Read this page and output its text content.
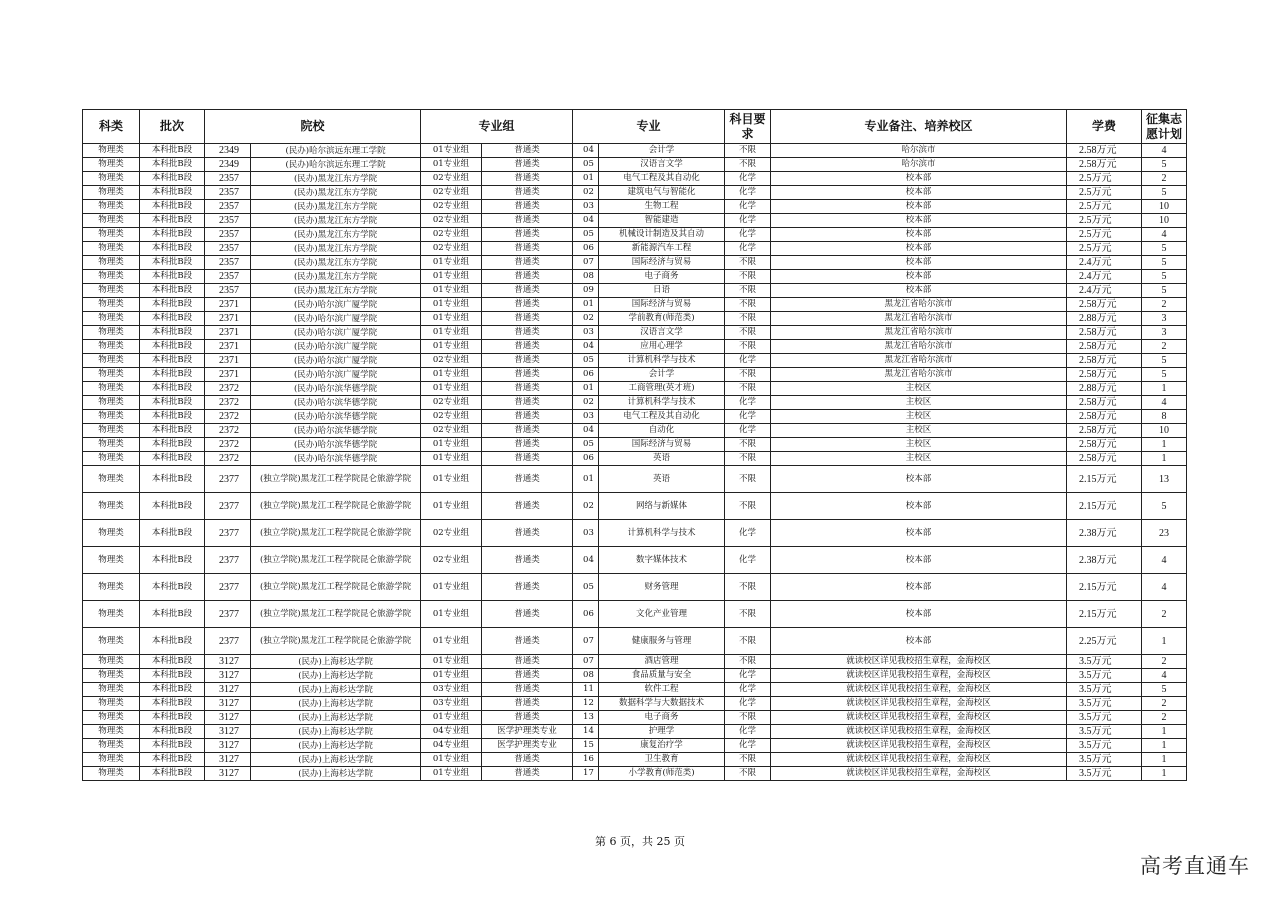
科类	批次	院校		专业组		专业		科目要求	专业备注、培养校区	学费	征集志愿计划
物理类	本科批B段	2349	(民办)哈尔滨远东理工学院	01专业组	普通类	04	会计学	不限	哈尔滨市	2.58万元	4
物理类	本科批B段	2349	(民办)哈尔滨远东理工学院	01专业组	普通类	05	汉语言文学	不限	哈尔滨市	2.58万元	5
物理类	本科批B段	2357	(民办)黑龙江东方学院	02专业组	普通类	01	电气工程及其自动化	化学	校本部	2.5万元	2
物理类	本科批B段	2357	(民办)黑龙江东方学院	02专业组	普通类	02	建筑电气与智能化	化学	校本部	2.5万元	5
物理类	本科批B段	2357	(民办)黑龙江东方学院	02专业组	普通类	03	生物工程	化学	校本部	2.5万元	10
物理类	本科批B段	2357	(民办)黑龙江东方学院	02专业组	普通类	04	智能建造	化学	校本部	2.5万元	10
物理类	本科批B段	2357	(民办)黑龙江东方学院	02专业组	普通类	05	机械设计制造及其自动	化学	校本部	2.5万元	4
物理类	本科批B段	2357	(民办)黑龙江东方学院	02专业组	普通类	06	新能源汽车工程	化学	校本部	2.5万元	5
物理类	本科批B段	2357	(民办)黑龙江东方学院	01专业组	普通类	07	国际经济与贸易	不限	校本部	2.4万元	5
物理类	本科批B段	2357	(民办)黑龙江东方学院	01专业组	普通类	08	电子商务	不限	校本部	2.4万元	5
物理类	本科批B段	2357	(民办)黑龙江东方学院	01专业组	普通类	09	日语	不限	校本部	2.4万元	5
物理类	本科批B段	2371	(民办)哈尔滨广厦学院	01专业组	普通类	01	国际经济与贸易	不限	黑龙江省哈尔滨市	2.58万元	2
物理类	本科批B段	2371	(民办)哈尔滨广厦学院	01专业组	普通类	02	学前教育(师范类)	不限	黑龙江省哈尔滨市	2.88万元	3
物理类	本科批B段	2371	(民办)哈尔滨广厦学院	01专业组	普通类	03	汉语言文学	不限	黑龙江省哈尔滨市	2.58万元	3
物理类	本科批B段	2371	(民办)哈尔滨广厦学院	01专业组	普通类	04	应用心理学	不限	黑龙江省哈尔滨市	2.58万元	2
物理类	本科批B段	2371	(民办)哈尔滨广厦学院	02专业组	普通类	05	计算机科学与技术	化学	黑龙江省哈尔滨市	2.58万元	5
物理类	本科批B段	2371	(民办)哈尔滨广厦学院	01专业组	普通类	06	会计学	不限	黑龙江省哈尔滨市	2.58万元	5
物理类	本科批B段	2372	(民办)哈尔滨华德学院	01专业组	普通类	01	工商管理(英才班)	不限	主校区	2.88万元	1
物理类	本科批B段	2372	(民办)哈尔滨华德学院	02专业组	普通类	02	计算机科学与技术	化学	主校区	2.58万元	4
物理类	本科批B段	2372	(民办)哈尔滨华德学院	02专业组	普通类	03	电气工程及其自动化	化学	主校区	2.58万元	8
物理类	本科批B段	2372	(民办)哈尔滨华德学院	02专业组	普通类	04	自动化	化学	主校区	2.58万元	10
物理类	本科批B段	2372	(民办)哈尔滨华德学院	01专业组	普通类	05	国际经济与贸易	不限	主校区	2.58万元	1
物理类	本科批B段	2372	(民办)哈尔滨华德学院	01专业组	普通类	06	英语	不限	主校区	2.58万元	1
物理类	本科批B段	2377	(独立学院)黑龙江工程学院昆仑旅游学院	01专业组	普通类	01	英语	不限	校本部	2.15万元	13
物理类	本科批B段	2377	(独立学院)黑龙江工程学院昆仑旅游学院	01专业组	普通类	02	网络与新媒体	不限	校本部	2.15万元	5
物理类	本科批B段	2377	(独立学院)黑龙江工程学院昆仑旅游学院	02专业组	普通类	03	计算机科学与技术	化学	校本部	2.38万元	23
物理类	本科批B段	2377	(独立学院)黑龙江工程学院昆仑旅游学院	02专业组	普通类	04	数字媒体技术	化学	校本部	2.38万元	4
物理类	本科批B段	2377	(独立学院)黑龙江工程学院昆仑旅游学院	01专业组	普通类	05	财务管理	不限	校本部	2.15万元	4
物理类	本科批B段	2377	(独立学院)黑龙江工程学院昆仑旅游学院	01专业组	普通类	06	文化产业管理	不限	校本部	2.15万元	2
物理类	本科批B段	2377	(独立学院)黑龙江工程学院昆仑旅游学院	01专业组	普通类	07	健康服务与管理	不限	校本部	2.25万元	1
物理类	本科批B段	3127	(民办)上海杉达学院	01专业组	普通类	07	酒店管理	不限	就读校区详见我校招生章程，金海校区	3.5万元	2
物理类	本科批B段	3127	(民办)上海杉达学院	01专业组	普通类	08	食品质量与安全	化学	就读校区详见我校招生章程，金海校区	3.5万元	4
物理类	本科批B段	3127	(民办)上海杉达学院	03专业组	普通类	11	软件工程	化学	就读校区详见我校招生章程，金海校区	3.5万元	5
物理类	本科批B段	3127	(民办)上海杉达学院	03专业组	普通类	12	数据科学与大数据技术	化学	就读校区详见我校招生章程，金海校区	3.5万元	2
物理类	本科批B段	3127	(民办)上海杉达学院	01专业组	普通类	13	电子商务	不限	就读校区详见我校招生章程，金海校区	3.5万元	2
物理类	本科批B段	3127	(民办)上海杉达学院	04专业组	医学护理类专业	14	护理学	化学	就读校区详见我校招生章程，金海校区	3.5万元	1
物理类	本科批B段	3127	(民办)上海杉达学院	04专业组	医学护理类专业	15	康复治疗学	化学	就读校区详见我校招生章程，金海校区	3.5万元	1
物理类	本科批B段	3127	(民办)上海杉达学院	01专业组	普通类	16	卫生教育	不限	就读校区详见我校招生章程，金海校区	3.5万元	1
物理类	本科批B段	3127	(民办)上海杉达学院	01专业组	普通类	17	小学教育(师范类)	不限	就读校区详见我校招生章程，金海校区	3.5万元	1
第 6 页，共 25 页
高考直通车
